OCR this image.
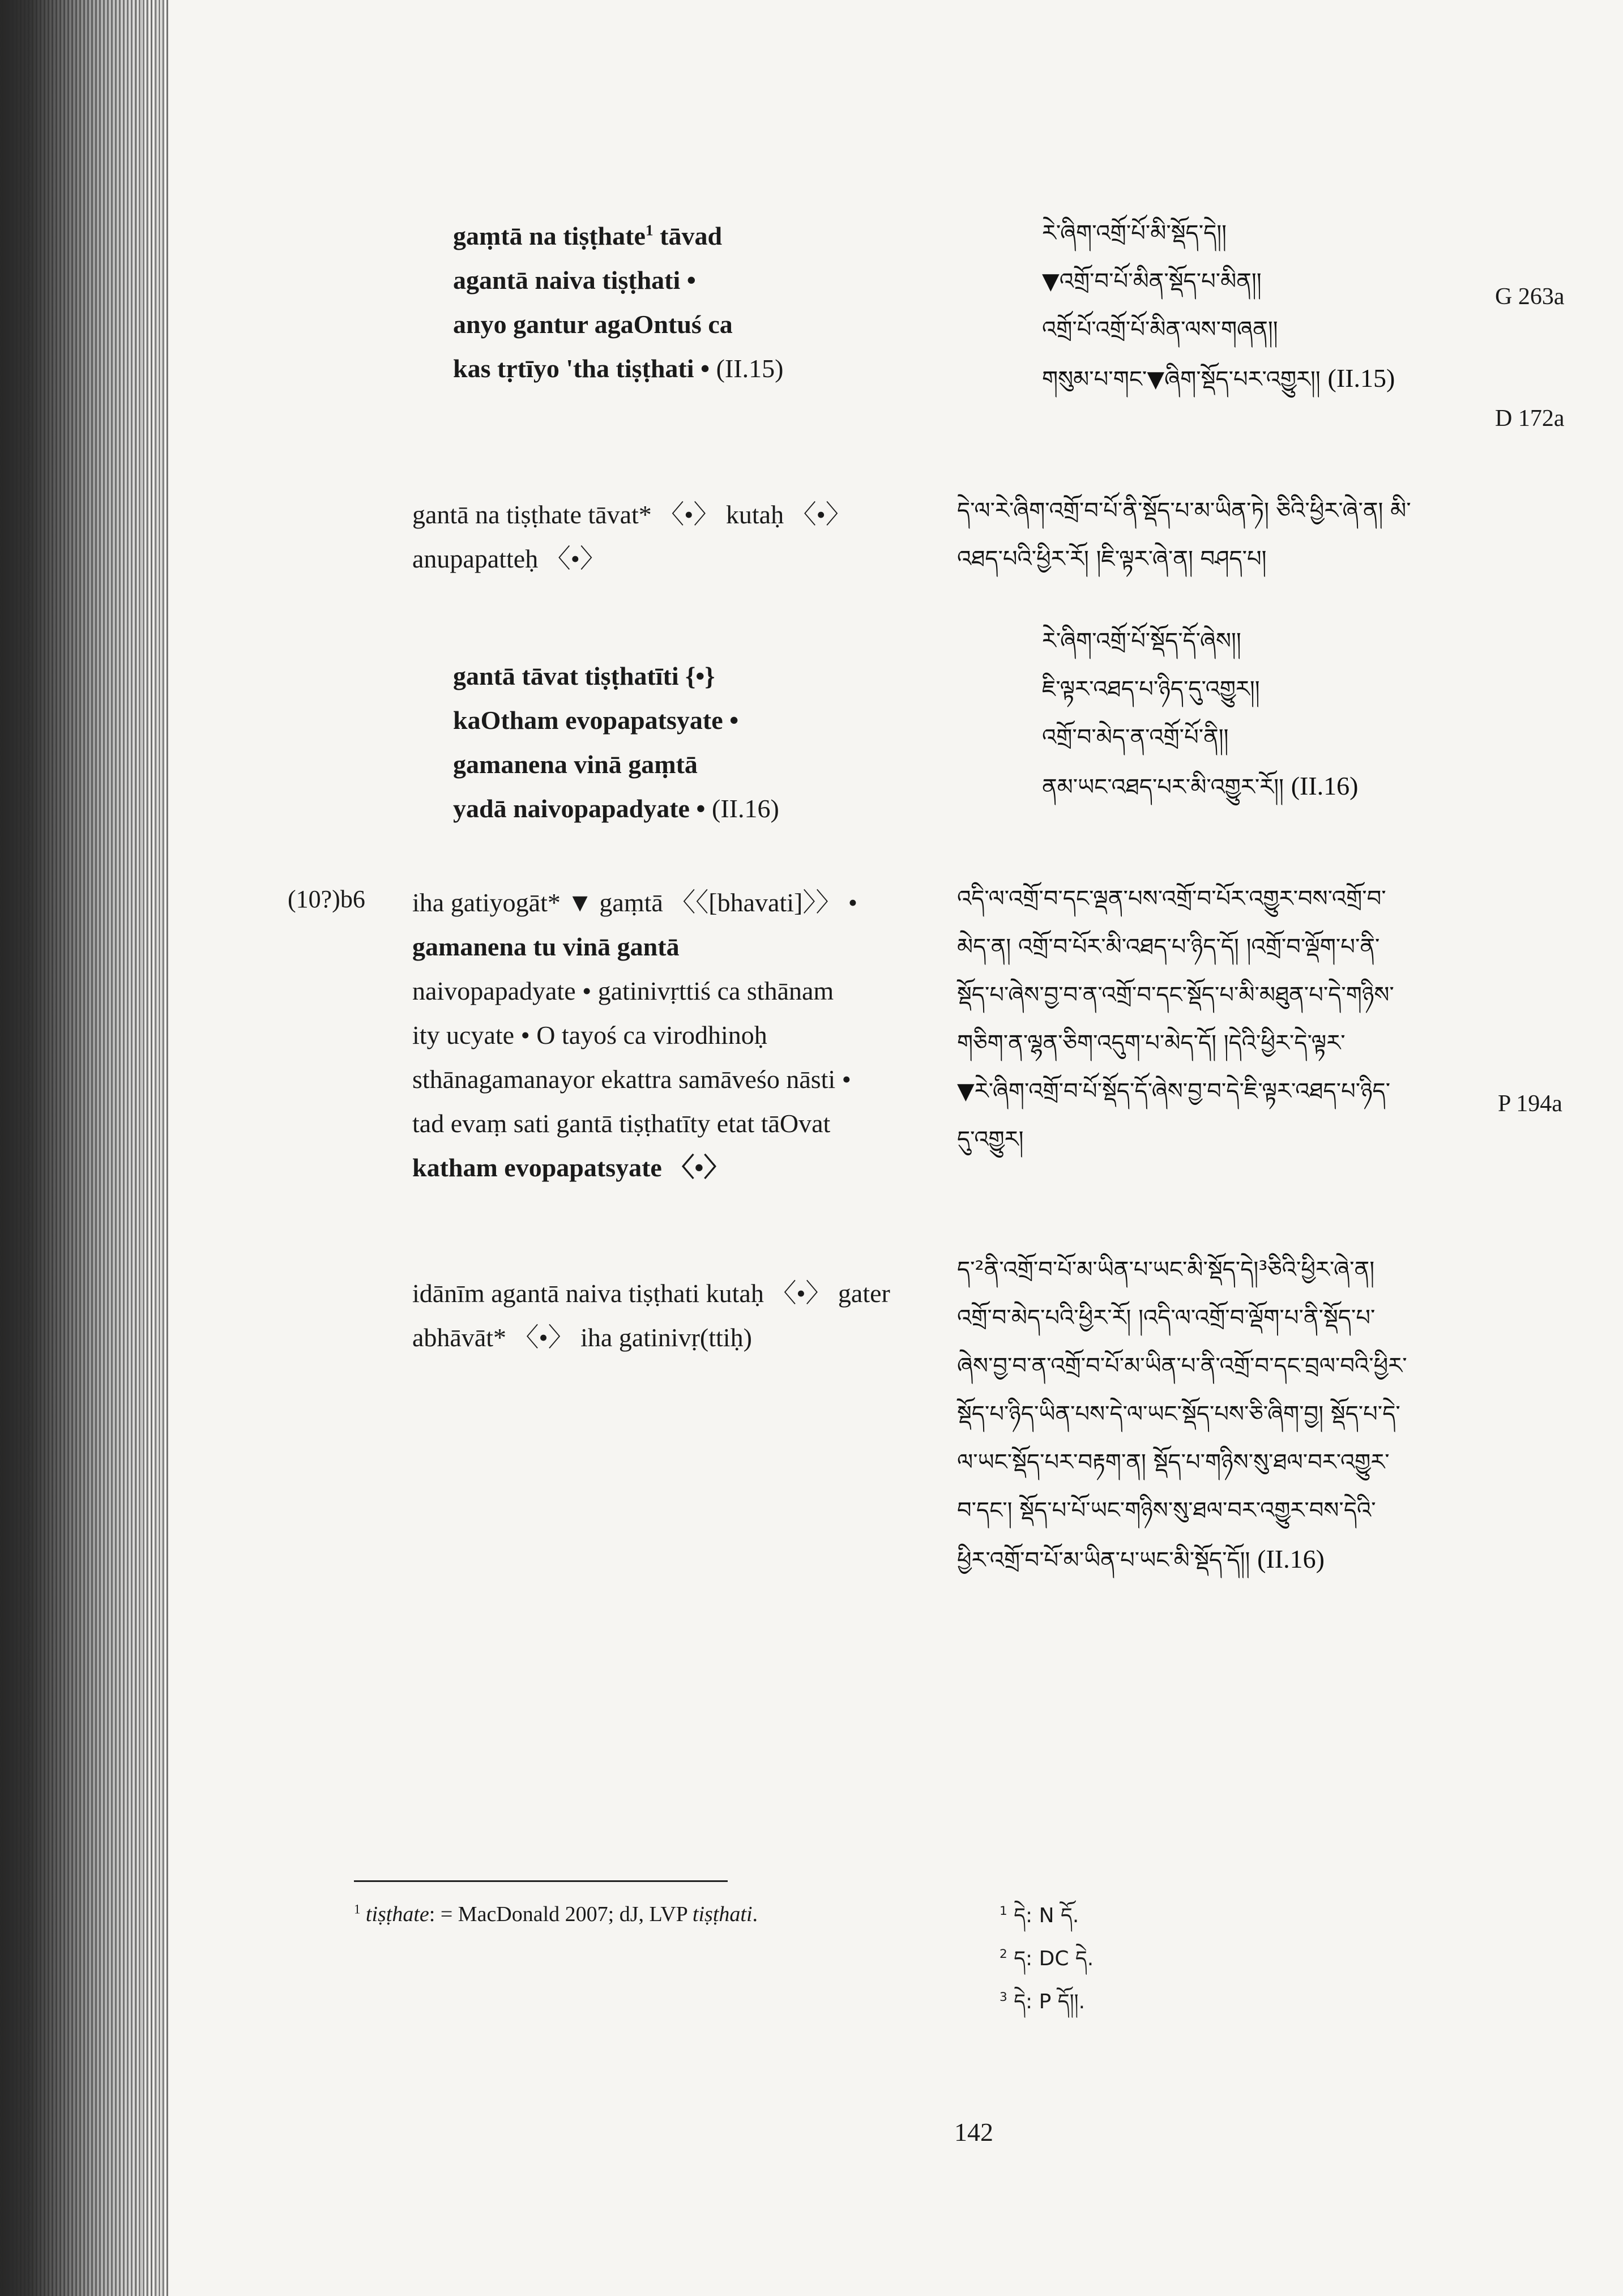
gaṃtā na tiṣṭhate$^1$ tāvad
agantā naiva tiṣṭhati •
anyo gantur agaOntuś ca
kas tṛtīyo 'tha tiṣṭhati • (II.15)
རེ་ཞིག་འགྲོ་པོ་མི་སྡོད་དེ།།
▼འགྲོ་བ་པོ་མིན་སྡོད་པ་མིན།།
འགྲོ་པོ་འགྲོ་པོ་མིན་ལས་གཞན།།
གསུམ་པ་གང་▼ཞིག་སྡོད་པར་འགྱུར།། (II.15)
G 263a
D 172a
gantā na tiṣṭhate tāvat* 〈•〉 kutaḥ 〈•〉
anupapatteḥ 〈•〉
དེ་ལ་རེ་ཞིག་འགྲོ་བ་པོ་ནི་སྡོད་པ་མ་ཡིན་ཏེ། ཅིའི་ཕྱིར་ཞེ་ན། མི་
འཐད་པའི་ཕྱིར་རོ། །ཇི་ལྟར་ཞེ་ན། བཤད་པ།
gantā tāvat tiṣṭhatīti {•}
kaOtham evopapatsyate •
gamanena vinā gaṃtā
yadā naivopapadyate • (II.16)
རེ་ཞིག་འགྲོ་པོ་སྡོད་དོ་ཞེས།།
ཇི་ལྟར་འཐད་པ་ཉིད་དུ་འགྱུར།།
འགྲོ་བ་མེད་ན་འགྲོ་པོ་ནི།།
ནམ་ཡང་འཐད་པར་མི་འགྱུར་རོ།། (II.16)
(10?)b6 iha gatiyogāt* ▼ gaṃtā 〈〈[bhavati]〉〉 •
gamanena tu vinā gantā
naivopapadyate • gatinivṛttiś ca sthānam
ity ucyate • O tayoś ca virodhinoḥ
sthānagamanayor ekattra samāveśo nāsti •
tad evaṃ sati gantā tiṣṭhatīty etat tāOvat
katham evopapatsyate 〈•〉
འདི་ལ་འགྲོ་བ་དང་ལྡན་པས་འགྲོ་བ་པོར་འགྱུར་བས་འགྲོ་བ་
མེད་ན། འགྲོ་བ་པོར་མི་འཐད་པ་ཉིད་དོ། །འགྲོ་བ་ལྡོག་པ་ནི་
སྡོད་པ་ཞེས་བྱ་བ་ན་འགྲོ་བ་དང་སྡོད་པ་མི་མཐུན་པ་དེ་གཉིས་
གཅིག་ན་ལྷན་ཅིག་འདུག་པ་མེད་དོ། །དེའི་ཕྱིར་དེ་ལྟར་
▼རེ་ཞིག་འགྲོ་བ་པོ་སྡོད་དོ་ཞེས་བྱ་བ་དེ་ཇི་ལྟར་འཐད་པ་ཉིད་
དུ་འགྱུར།
P 194a
idānīm agantā naiva tiṣṭhati kutaḥ 〈•〉 gater
abhāvāt* 〈•〉 iha gatinivṛ(ttiḥ)
ད་²ནི་འགྲོ་བ་པོ་མ་ཡིན་པ་ཡང་མི་སྡོད་དེ།³ཅིའི་ཕྱིར་ཞེ་ན།
འགྲོ་བ་མེད་པའི་ཕྱིར་རོ། །འདི་ལ་འགྲོ་བ་ལྡོག་པ་ནི་སྡོད་པ་
ཞེས་བྱ་བ་ན་འགྲོ་བ་པོ་མ་ཡིན་པ་ནི་འགྲོ་བ་དང་བྲལ་བའི་ཕྱིར་
སྡོད་པ་ཉིད་ཡིན་པས་དེ་ལ་ཡང་སྡོད་པས་ཅི་ཞིག་བྱ། སྡོད་པ་དེ་
ལ་ཡང་སྡོད་པར་བརྟག་ན། སྡོད་པ་གཉིས་སུ་ཐལ་བར་འགྱུར་
བ་དང་། སྡོད་པ་པོ་ཡང་གཉིས་སུ་ཐལ་བར་འགྱུར་བས་དེའི་
ཕྱིར་འགྲོ་བ་པོ་མ་ཡིན་པ་ཡང་མི་སྡོད་དོ།། (II.16)
$^1$ tiṣṭhate: = MacDonald 2007; dJ, LVP tiṣṭhati.	$^1$ དེ: N དོ.
$^2$ ད: DC དེ.
$^3$ དེ: P དོ།།.
142
